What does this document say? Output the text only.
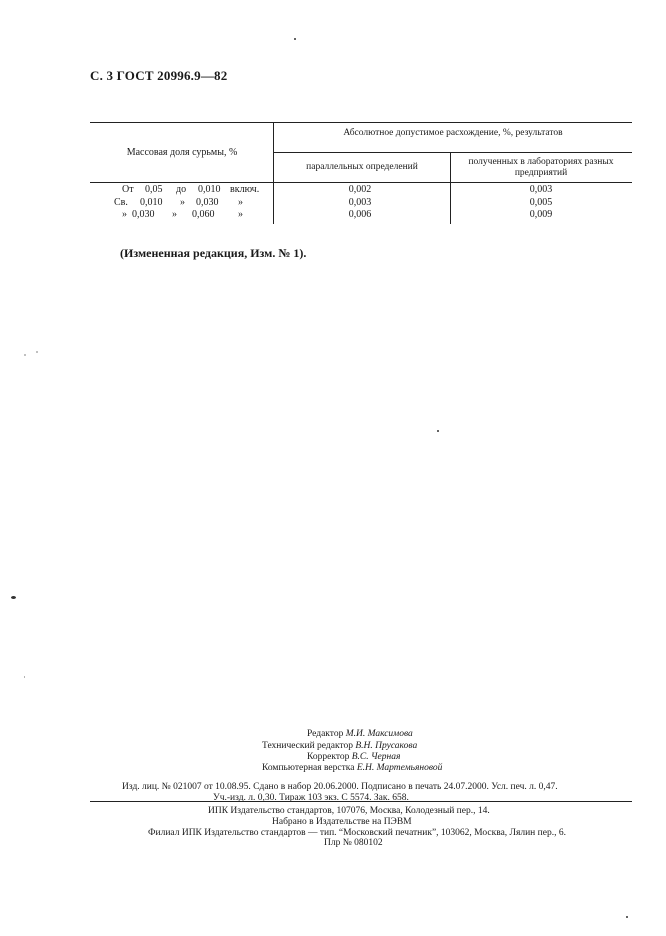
С. 3 ГОСТ 20996.9—82
Массовая доля сурьмы, %
Абсолютное допустимое расхождение, %, результатов
параллельных определений	полученных в лабораториях разных предприятий
От 0,05 до 0,010 включ.	0,002	0,003
Св. 0,010 » 0,030 »	0,003	0,005
» 0,030 » 0,060 »	0,006	0,009
(Измененная редакция, Изм. № 1).
Редактор М.И. Максимова
Технический редактор В.Н. Прусакова
Корректор В.С. Черная
Компьютерная верстка Е.Н. Мартемьяновой
Изд. лиц. № 021007 от 10.08.95. Сдано в набор 20.06.2000. Подписано в печать 24.07.2000. Усл. печ. л. 0,47.
Уч.-изд. л. 0,30. Тираж 103 экз. С 5574. Зак. 658.
ИПК Издательство стандартов, 107076, Москва, Колодезный пер., 14.
Набрано в Издательстве на ПЭВМ
Филиал ИПК Издательство стандартов — тип. “Московский печатник”, 103062, Москва, Лялин пер., 6.
Плр № 080102
